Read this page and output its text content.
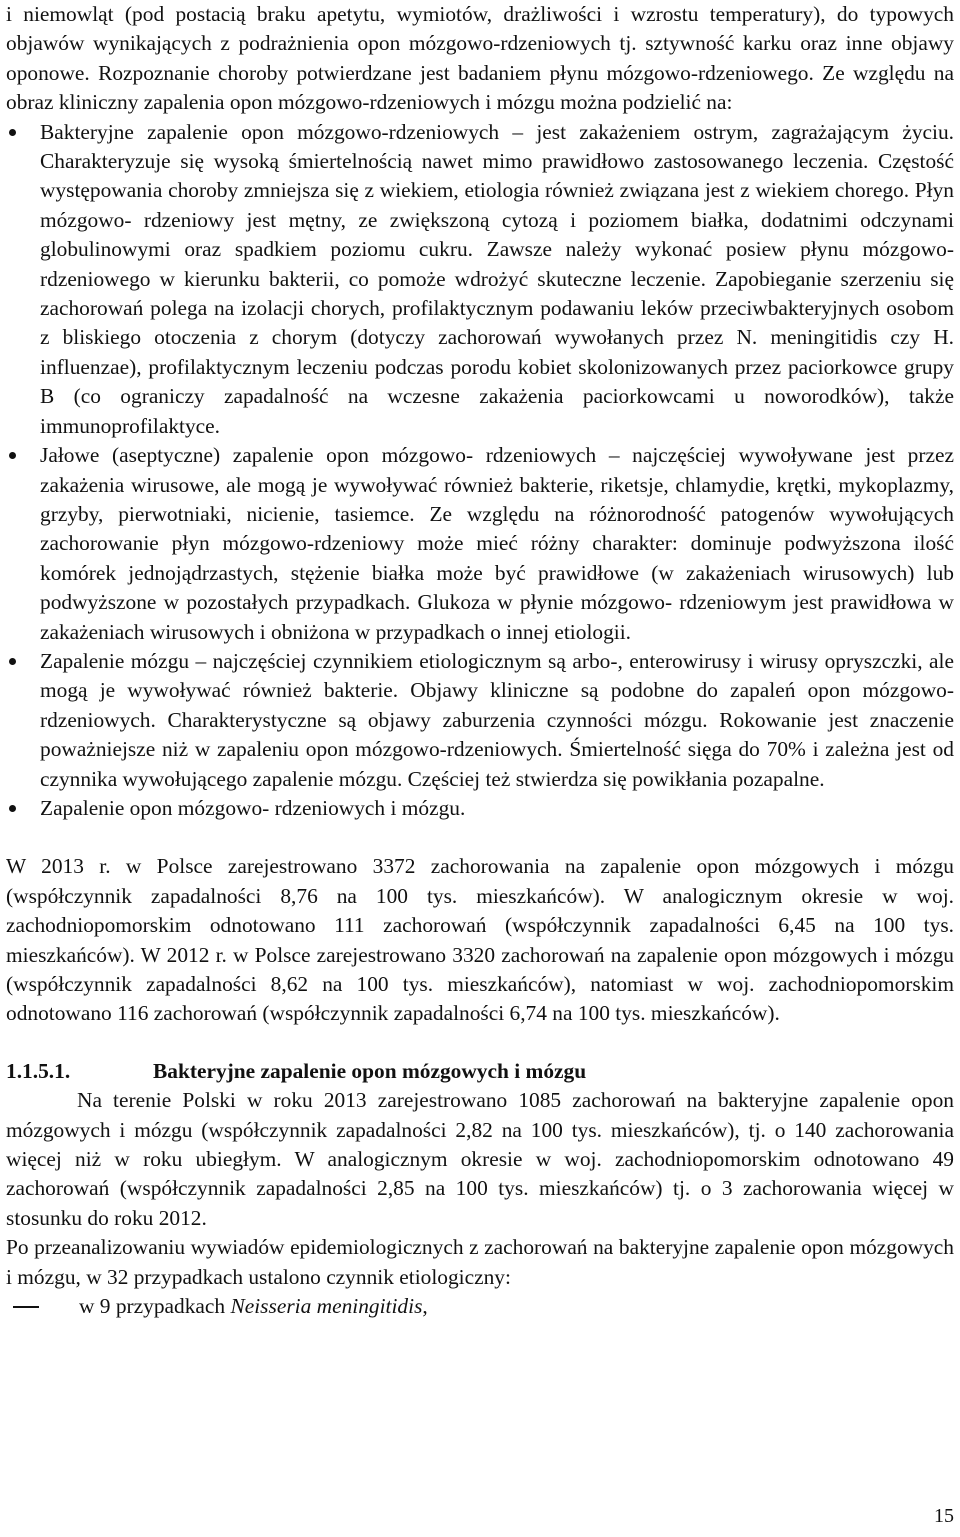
i niemowląt (pod postacią braku apetytu, wymiotów, drażliwości i wzrostu temperatury), do typowych objawów wynikających z podrażnienia opon mózgowo-rdzeniowych tj. sztywność karku oraz inne objawy oponowe. Rozpoznanie choroby potwierdzane jest badaniem płynu mózgowo-rdzeniowego. Ze względu na obraz kliniczny zapalenia opon mózgowo-rdzeniowych i mózgu można podzielić na:

Bakteryjne zapalenie opon mózgowo-rdzeniowych – jest zakażeniem ostrym, zagrażającym życiu. Charakteryzuje się wysoką śmiertelnością nawet mimo prawidłowo zastosowanego leczenia. Częstość występowania choroby zmniejsza się z wiekiem, etiologia również związana jest z wiekiem chorego. Płyn mózgowo- rdzeniowy jest mętny, ze zwiększoną cytozą i poziomem białka, dodatnimi odczynami globulinowymi oraz spadkiem poziomu cukru. Zawsze należy wykonać posiew płynu mózgowo-rdzeniowego w kierunku bakterii, co pomoże wdrożyć skuteczne leczenie. Zapobieganie szerzeniu się zachorowań polega na izolacji chorych, profilaktycznym podawaniu leków przeciwbakteryjnych osobom z bliskiego otoczenia z chorym (dotyczy zachorowań wywołanych przez N. meningitidis czy H. influenzae), profilaktycznym leczeniu podczas porodu kobiet skolonizowanych przez paciorkowce grupy B (co ograniczy zapadalność na wczesne zakażenia paciorkowcami u noworodków), także immunoprofilaktyce.
Jałowe (aseptyczne) zapalenie opon mózgowo- rdzeniowych – najczęściej wywoływane jest przez zakażenia wirusowe, ale mogą je wywoływać również bakterie, riketsje, chlamydie, krętki, mykoplazmy, grzyby, pierwotniaki, nicienie, tasiemce. Ze względu na różnorodność patogenów wywołujących zachorowanie płyn mózgowo-rdzeniowy może mieć różny charakter: dominuje podwyższona ilość komórek jednojądrzastych, stężenie białka może być prawidłowe (w zakażeniach wirusowych) lub podwyższone w pozostałych przypadkach. Glukoza w płynie mózgowo- rdzeniowym jest prawidłowa w zakażeniach wirusowych i obniżona w przypadkach o innej etiologii.
Zapalenie mózgu – najczęściej czynnikiem etiologicznym są arbo-, enterowirusy i wirusy opryszczki, ale mogą je wywoływać również bakterie. Objawy kliniczne są podobne do zapaleń opon mózgowo- rdzeniowych. Charakterystyczne są objawy zaburzenia czynności mózgu. Rokowanie jest znaczenie poważniejsze niż w zapaleniu opon mózgowo-rdzeniowych. Śmiertelność sięga do 70% i zależna jest od czynnika wywołującego zapalenie mózgu. Częściej też stwierdza się powikłania pozapalne.
Zapalenie opon mózgowo- rdzeniowych i mózgu.

W 2013 r. w Polsce zarejestrowano 3372 zachorowania na zapalenie opon mózgowych i mózgu (współczynnik zapadalności 8,76 na 100 tys. mieszkańców). W analogicznym okresie w woj. zachodniopomorskim odnotowano 111 zachorowań (współczynnik zapadalności 6,45 na 100 tys. mieszkańców). W 2012 r. w Polsce zarejestrowano 3320 zachorowań na zapalenie opon mózgowych i mózgu (współczynnik zapadalności 8,62 na 100 tys. mieszkańców), natomiast w woj. zachodniopomorskim odnotowano 116 zachorowań (współczynnik zapadalności 6,74 na 100 tys. mieszkańców).

1.1.5.1.	Bakteryjne zapalenie opon mózgowych i mózgu

Na terenie Polski w roku 2013 zarejestrowano 1085 zachorowań na bakteryjne zapalenie opon mózgowych i mózgu (współczynnik zapadalności 2,82 na 100 tys. mieszkańców), tj. o 140 zachorowania więcej niż w roku ubiegłym. W analogicznym okresie w woj. zachodniopomorskim odnotowano 49 zachorowań (współczynnik zapadalności 2,85 na 100 tys. mieszkańców) tj. o 3 zachorowania więcej w stosunku do roku 2012.

Po przeanalizowaniu wywiadów epidemiologicznych z zachorowań na bakteryjne zapalenie opon mózgowych i mózgu, w 32 przypadkach ustalono czynnik etiologiczny:

w 9 przypadkach Neisseria meningitidis,
15
